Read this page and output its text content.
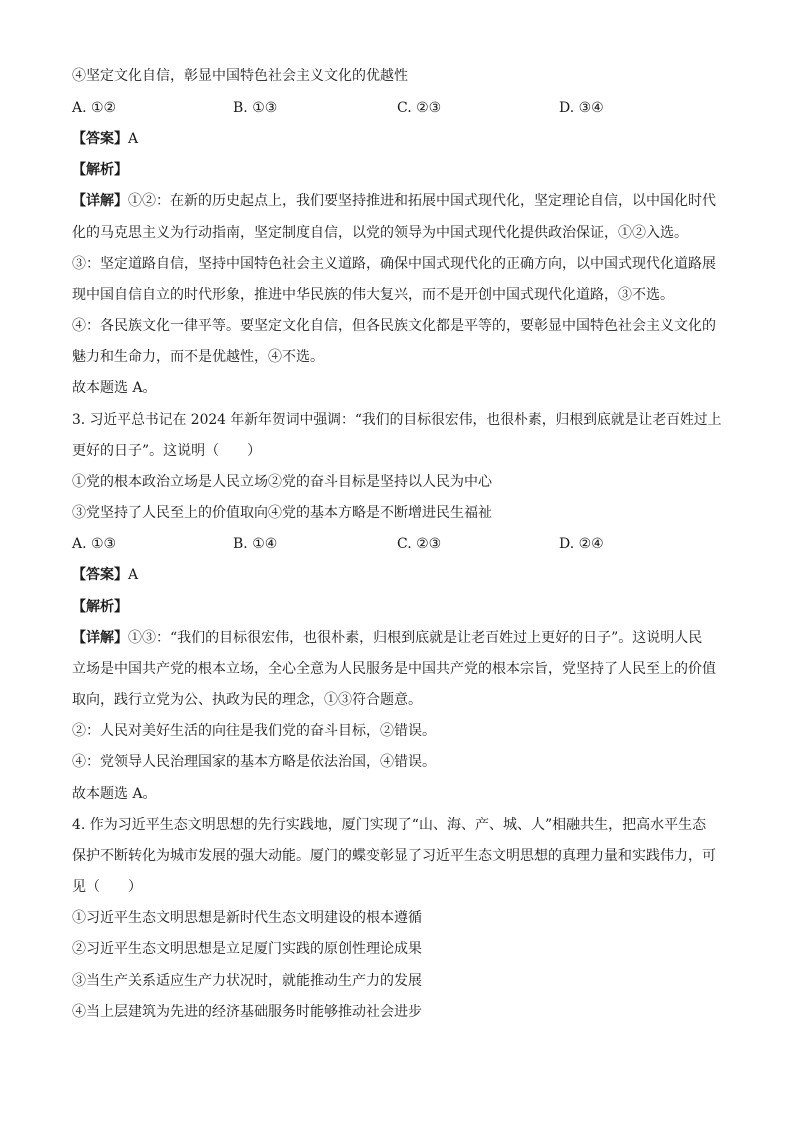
④坚定文化自信，彰显中国特色社会主义文化的优越性
A. ①②	B. ①③	C. ②③	D. ③④
【答案】A
【解析】
【详解】①②：在新的历史起点上，我们要坚持推进和拓展中国式现代化，坚定理论自信，以中国化时代
化的马克思主义为行动指南，坚定制度自信，以党的领导为中国式现代化提供政治保证，①②入选。
③：坚定道路自信，坚持中国特色社会主义道路，确保中国式现代化的正确方向，以中国式现代化道路展
现中国自信自立的时代形象，推进中华民族的伟大复兴，而不是开创中国式现代化道路，③不选。
④：各民族文化一律平等。要坚定文化自信，但各民族文化都是平等的，要彰显中国特色社会主义文化的
魅力和生命力，而不是优越性，④不选。
故本题选 A。
3. 习近平总书记在 2024 年新年贺词中强调：“我们的目标很宏伟，也很朴素，归根到底就是让老百姓过上
更好的日子”。这说明（　　）
①党的根本政治立场是人民立场②党的奋斗目标是坚持以人民为中心
③党坚持了人民至上的价值取向④党的基本方略是不断增进民生福祉
A. ①③	B. ①④	C. ②③	D. ②④
【答案】A
【解析】
【详解】①③：“我们的目标很宏伟，也很朴素，归根到底就是让老百姓过上更好的日子”。这说明人民
立场是中国共产党的根本立场，全心全意为人民服务是中国共产党的根本宗旨，党坚持了人民至上的价值
取向，践行立党为公、执政为民的理念，①③符合题意。
②：人民对美好生活的向往是我们党的奋斗目标，②错误。
④：党领导人民治理国家的基本方略是依法治国，④错误。
故本题选 A。
4. 作为习近平生态文明思想的先行实践地，厦门实现了“山、海、产、城、人”相融共生，把高水平生态
保护不断转化为城市发展的强大动能。厦门的蝶变彰显了习近平生态文明思想的真理力量和实践伟力，可
见（　　）
①习近平生态文明思想是新时代生态文明建设的根本遵循
②习近平生态文明思想是立足厦门实践的原创性理论成果
③当生产关系适应生产力状况时，就能推动生产力的发展
④当上层建筑为先进的经济基础服务时能够推动社会进步
